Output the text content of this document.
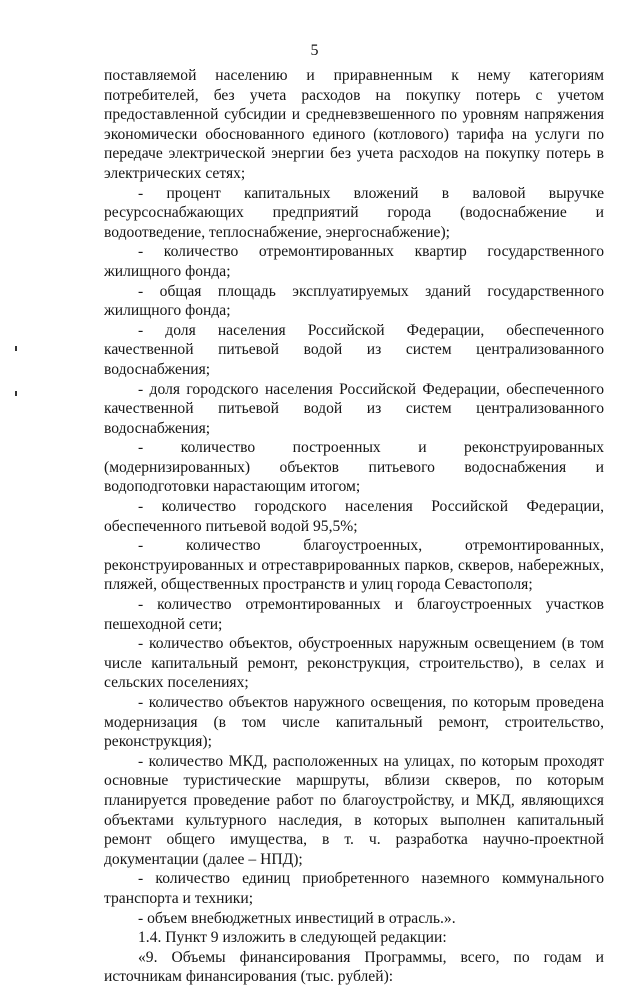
5

поставляемой населению и приравненным к нему категориям потребителей, без учета расходов на покупку потерь с учетом предоставленной субсидии и средневзвешенного по уровням напряжения экономически обоснованного единого (котлового) тарифа на услуги по передаче электрической энергии без учета расходов на покупку потерь в электрических сетях;

- процент капитальных вложений в валовой выручке ресурсоснабжающих предприятий города (водоснабжение и водоотведение, теплоснабжение, энергоснабжение);

- количество отремонтированных квартир государственного жилищного фонда;

- общая площадь эксплуатируемых зданий государственного жилищного фонда;

- доля населения Российской Федерации, обеспеченного качественной питьевой водой из систем централизованного водоснабжения;

- доля городского населения Российской Федерации, обеспеченного качественной питьевой водой из систем централизованного водоснабжения;

- количество построенных и реконструированных (модернизированных) объектов питьевого водоснабжения и водоподготовки нарастающим итогом;

- количество городского населения Российской Федерации, обеспеченного питьевой водой 95,5%;

- количество благоустроенных, отремонтированных, реконструированных и отреставрированных парков, скверов, набережных, пляжей, общественных пространств и улиц города Севастополя;

- количество отремонтированных и благоустроенных участков пешеходной сети;

- количество объектов, обустроенных наружным освещением (в том числе капитальный ремонт, реконструкция, строительство), в селах и сельских поселениях;

- количество объектов наружного освещения, по которым проведена модернизация (в том числе капитальный ремонт, строительство, реконструкция);

- количество МКД, расположенных на улицах, по которым проходят основные туристические маршруты, вблизи скверов, по которым планируется проведение работ по благоустройству, и МКД, являющихся объектами культурного наследия, в которых выполнен капитальный ремонт общего имущества, в т. ч. разработка научно-проектной документации (далее – НПД);

- количество единиц приобретенного наземного коммунального транспорта и техники;

- объем внебюджетных инвестиций в отрасль.».

1.4. Пункт 9 изложить в следующей редакции:

«9. Объемы финансирования Программы, всего, по годам и источникам финансирования (тыс. рублей):
